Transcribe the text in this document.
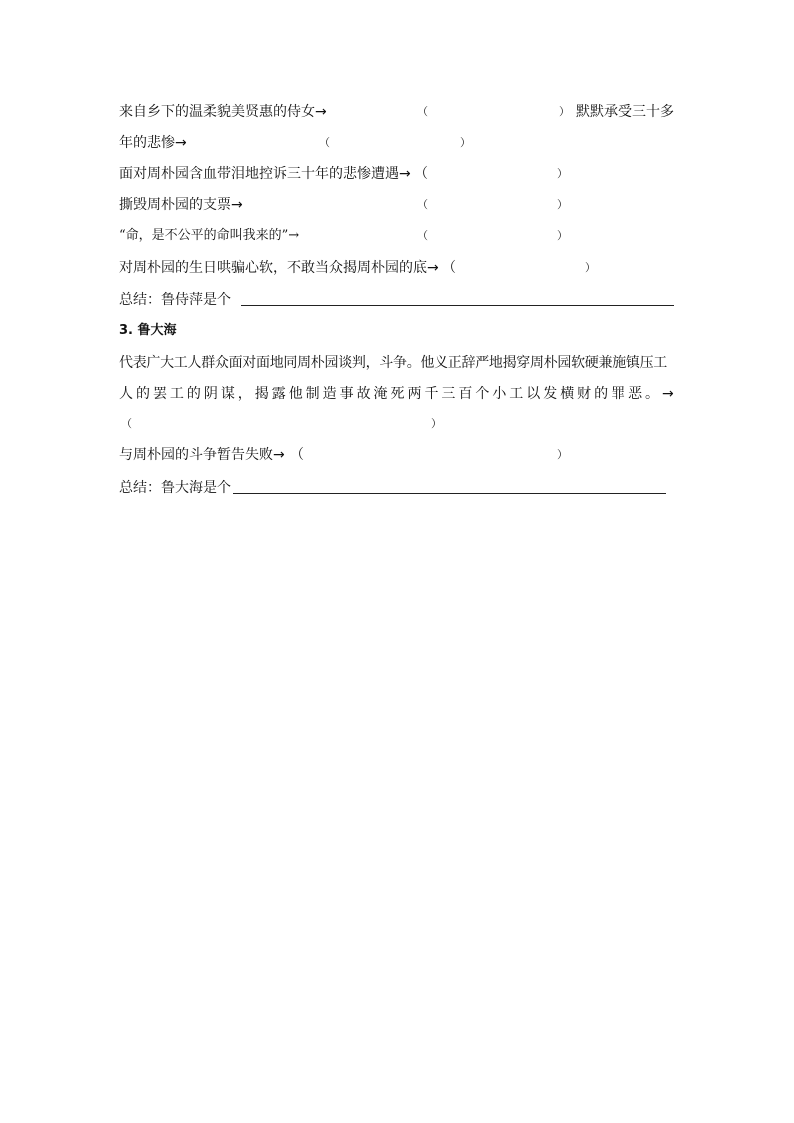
来自乡下的温柔貌美贤惠的侍女→	（	） 默默承受三十多
年的悲惨→	（	）
面对周朴园含血带泪地控诉三十年的悲惨遭遇→ （	）
撕毁周朴园的支票→	（	）
“命，是不公平的命叫我来的”→	（	）
对周朴园的生日哄骗心软，不敢当众揭周朴园的底→ （	）
总结：鲁侍萍是个
3. 鲁大海
代表广大工人群众面对面地同周朴园谈判，斗争。他义正辞严地揭穿周朴园软硬兼施镇压工
人 的 罢 工 的 阴 谋 ， 揭 露 他 制 造 事 故 淹 死 两 千 三 百 个 小 工 以 发 横 财 的 罪 恶 。 →
（	）
与周朴园的斗争暂告失败→ （	）
总结：鲁大海是个
